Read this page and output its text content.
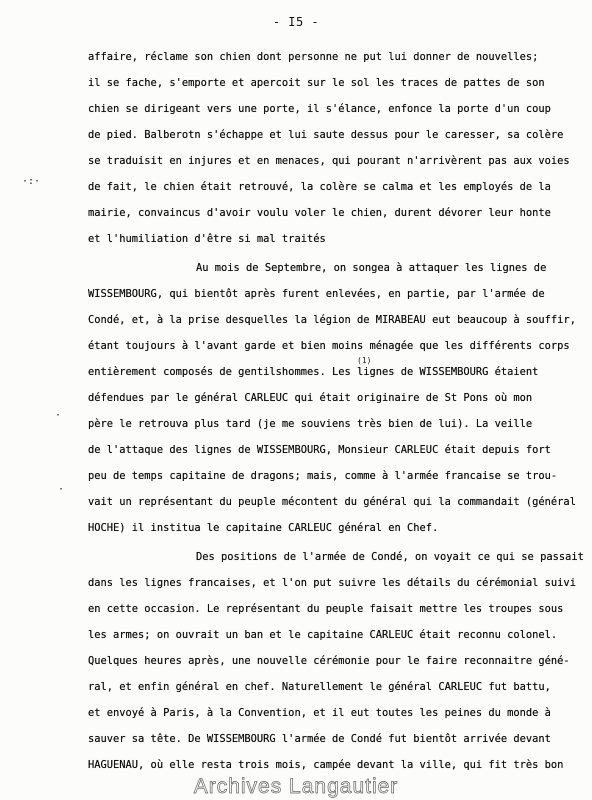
- I5 -
·:·
·
·
(1)
affaire, réclame son chien dont personne ne put lui donner de nouvelles;
il se fache, s'emporte et apercoit sur le sol les traces de pattes de son
chien se dirigeant vers une porte, il s'élance, enfonce la porte d'un coup
de pied. Balberotn s'échappe et lui saute dessus pour le caresser, sa colère
se traduisit en injures et en menaces, qui pourant n'arrivèrent pas aux voies
de fait, le chien était retrouvé, la colère se calma et les employés de la
mairie, convaincus d'avoir voulu voler le chien, durent dévorer leur honte
et l'humiliation d'être si mal traités
Au mois de Septembre, on songea à attaquer les lignes de
WISSEMBOURG, qui bientôt après furent enlevées, en partie, par l'armée de
Condé, et, à la prise desquelles la légion de MIRABEAU eut beaucoup à souffir,
étant toujours à l'avant garde et bien moins ménagée que les différents corps
entièrement composés de gentilshommes. Les lignes de WISSEMBOURG étaient
défendues par le général CARLEUC qui était originaire de St Pons où mon
père le retrouva plus tard (je me souviens très bien de lui). La veille
de l'attaque des lignes de WISSEMBOURG, Monsieur CARLEUC était depuis fort
peu de temps capitaine de dragons; mais, comme à l'armée francaise se trou-
vait un représentant du peuple mécontent du général qui la commandait (général
HOCHE) il institua le capitaine CARLEUC général en Chef.
Des positions de l'armée de Condé, on voyait ce qui se passait
dans les lignes francaises, et l'on put suivre les détails du cérémonial suivi
en cette occasion. Le représentant du peuple faisait mettre les troupes sous
les armes; on ouvrait un ban et le capitaine CARLEUC était reconnu colonel.
Quelques heures après, une nouvelle cérémonie pour le faire reconnaitre géné-
ral, et enfin général en chef. Naturellement le général CARLEUC fut battu,
et envoyé à Paris, à la Convention, et il eut toutes les peines du monde à
sauver sa tête. De WISSEMBOURG l'armée de Condé fut bientôt arrivée devant
HAGUENAU, où elle resta trois mois, campée devant la ville, qui fit très bon
Archives Langautier
